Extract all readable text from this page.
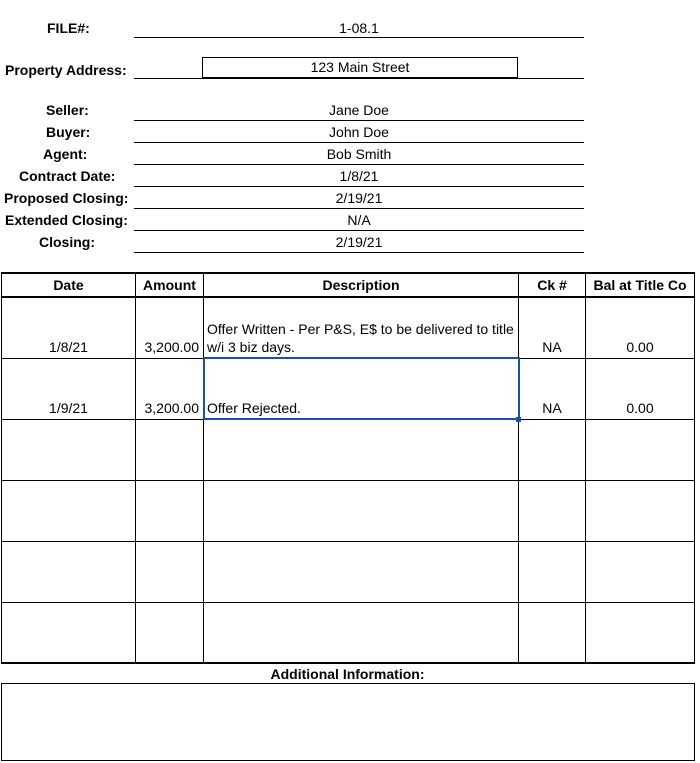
FILE#:	1-08.1
Property Address:	123 Main Street
Seller:	Jane Doe
Buyer:	John Doe
Agent:	Bob Smith
Contract Date:	1/8/21
Proposed Closing:	2/19/21
Extended Closing:	N/A
Closing:	2/19/21
Date	Amount	Description	Ck #	Bal at Title Co
1/8/21	3,200.00	Offer Written - Per P&S, E$ to be delivered to title w/i 3 biz days.	NA	0.00
1/9/21	3,200.00	Offer Rejected.	NA	0.00

Additional Information:
